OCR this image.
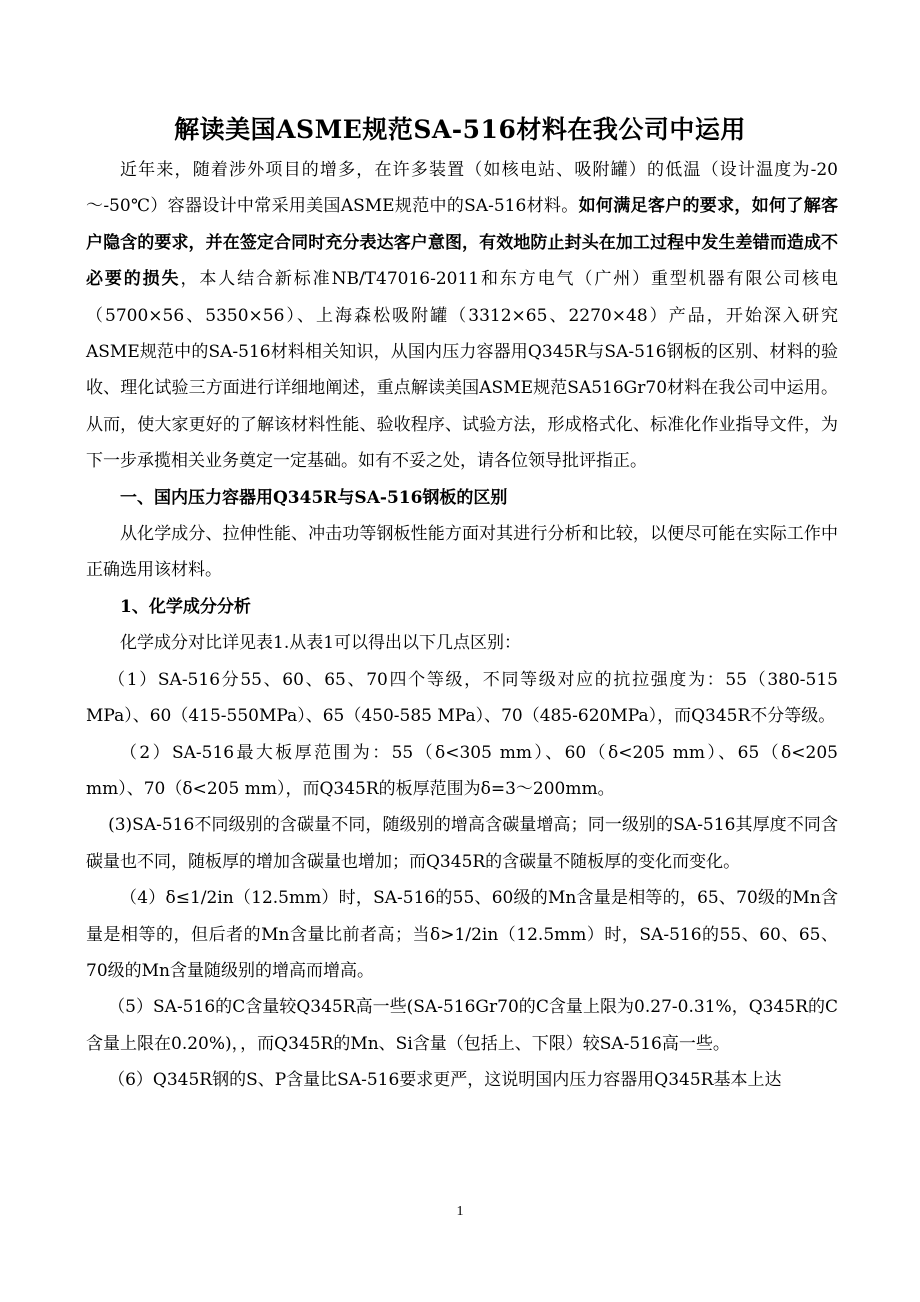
解读美国ASME规范SA-516材料在我公司中运用

近年来，随着涉外项目的增多，在许多装置（如核电站、吸附罐）的低温（设计温度为-20～-50℃）容器设计中常采用美国ASME规范中的SA-516材料。如何满足客户的要求，如何了解客户隐含的要求，并在签定合同时充分表达客户意图，有效地防止封头在加工过程中发生差错而造成不必要的损失，本人结合新标准NB/T47016-2011和东方电气（广州）重型机器有限公司核电（5700×56、5350×56）、上海森松吸附罐（3312×65、2270×48）产品，开始深入研究ASME规范中的SA-516材料相关知识，从国内压力容器用Q345R与SA-516钢板的区别、材料的验收、理化试验三方面进行详细地阐述，重点解读美国ASME规范SA516Gr70材料在我公司中运用。从而，使大家更好的了解该材料性能、验收程序、试验方法，形成格式化、标准化作业指导文件，为下一步承揽相关业务奠定一定基础。如有不妥之处，请各位领导批评指正。

一、国内压力容器用Q345R与SA-516钢板的区别

从化学成分、拉伸性能、冲击功等钢板性能方面对其进行分析和比较，以便尽可能在实际工作中正确选用该材料。

1、化学成分分析

化学成分对比详见表1.从表1可以得出以下几点区别：

（1）SA-516分55、60、65、70四个等级，不同等级对应的抗拉强度为：55（380-515 MPa）、60（415-550MPa）、65（450-585 MPa）、70（485-620MPa），而Q345R不分等级。

（2）SA-516最大板厚范围为：55（δ<305 mm）、60（δ<205 mm）、65（δ<205 mm）、70（δ<205 mm），而Q345R的板厚范围为δ=3～200mm。

(3)SA-516不同级别的含碳量不同，随级别的增高含碳量增高；同一级别的SA-516其厚度不同含碳量也不同，随板厚的增加含碳量也增加；而Q345R的含碳量不随板厚的变化而变化。

（4）δ≤1/2in（12.5mm）时，SA-516的55、60级的Mn含量是相等的，65、70级的Mn含量是相等的，但后者的Mn含量比前者高；当δ>1/2in（12.5mm）时，SA-516的55、60、65、70级的Mn含量随级别的增高而增高。

（5）SA-516的C含量较Q345R高一些(SA-516Gr70的C含量上限为0.27-0.31%，Q345R的C含量上限在0.20%)，，而Q345R的Mn、Si含量（包括上、下限）较SA-516高一些。

（6）Q345R钢的S、P含量比SA-516要求更严，这说明国内压力容器用Q345R基本上达

1
